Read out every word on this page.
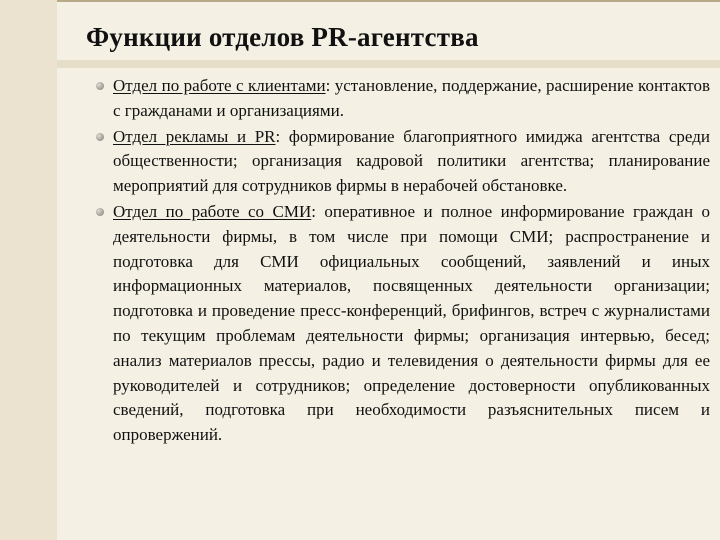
Функции отделов PR-агентства
Отдел по работе с клиентами: установление, поддержание, расширение контактов с гражданами и организациями.
Отдел рекламы и PR: формирование благоприятного имиджа агентства среди общественности; организация кадровой политики агентства; планирование мероприятий для сотрудников фирмы в нерабочей обстановке.
Отдел по работе со СМИ: оперативное и полное информирование граждан о деятельности фирмы, в том числе при помощи СМИ; распространение и подготовка для СМИ официальных сообщений, заявлений и иных информационных материалов, посвященных деятельности организации; подготовка и проведение пресс-конференций, брифингов, встреч с журналистами по текущим проблемам деятельности фирмы; организация интервью, бесед; анализ материалов прессы, радио и телевидения о деятельности фирмы для ее руководителей и сотрудников; определение достоверности опубликованных сведений, подготовка при необходимости разъяснительных писем и опровержений.
